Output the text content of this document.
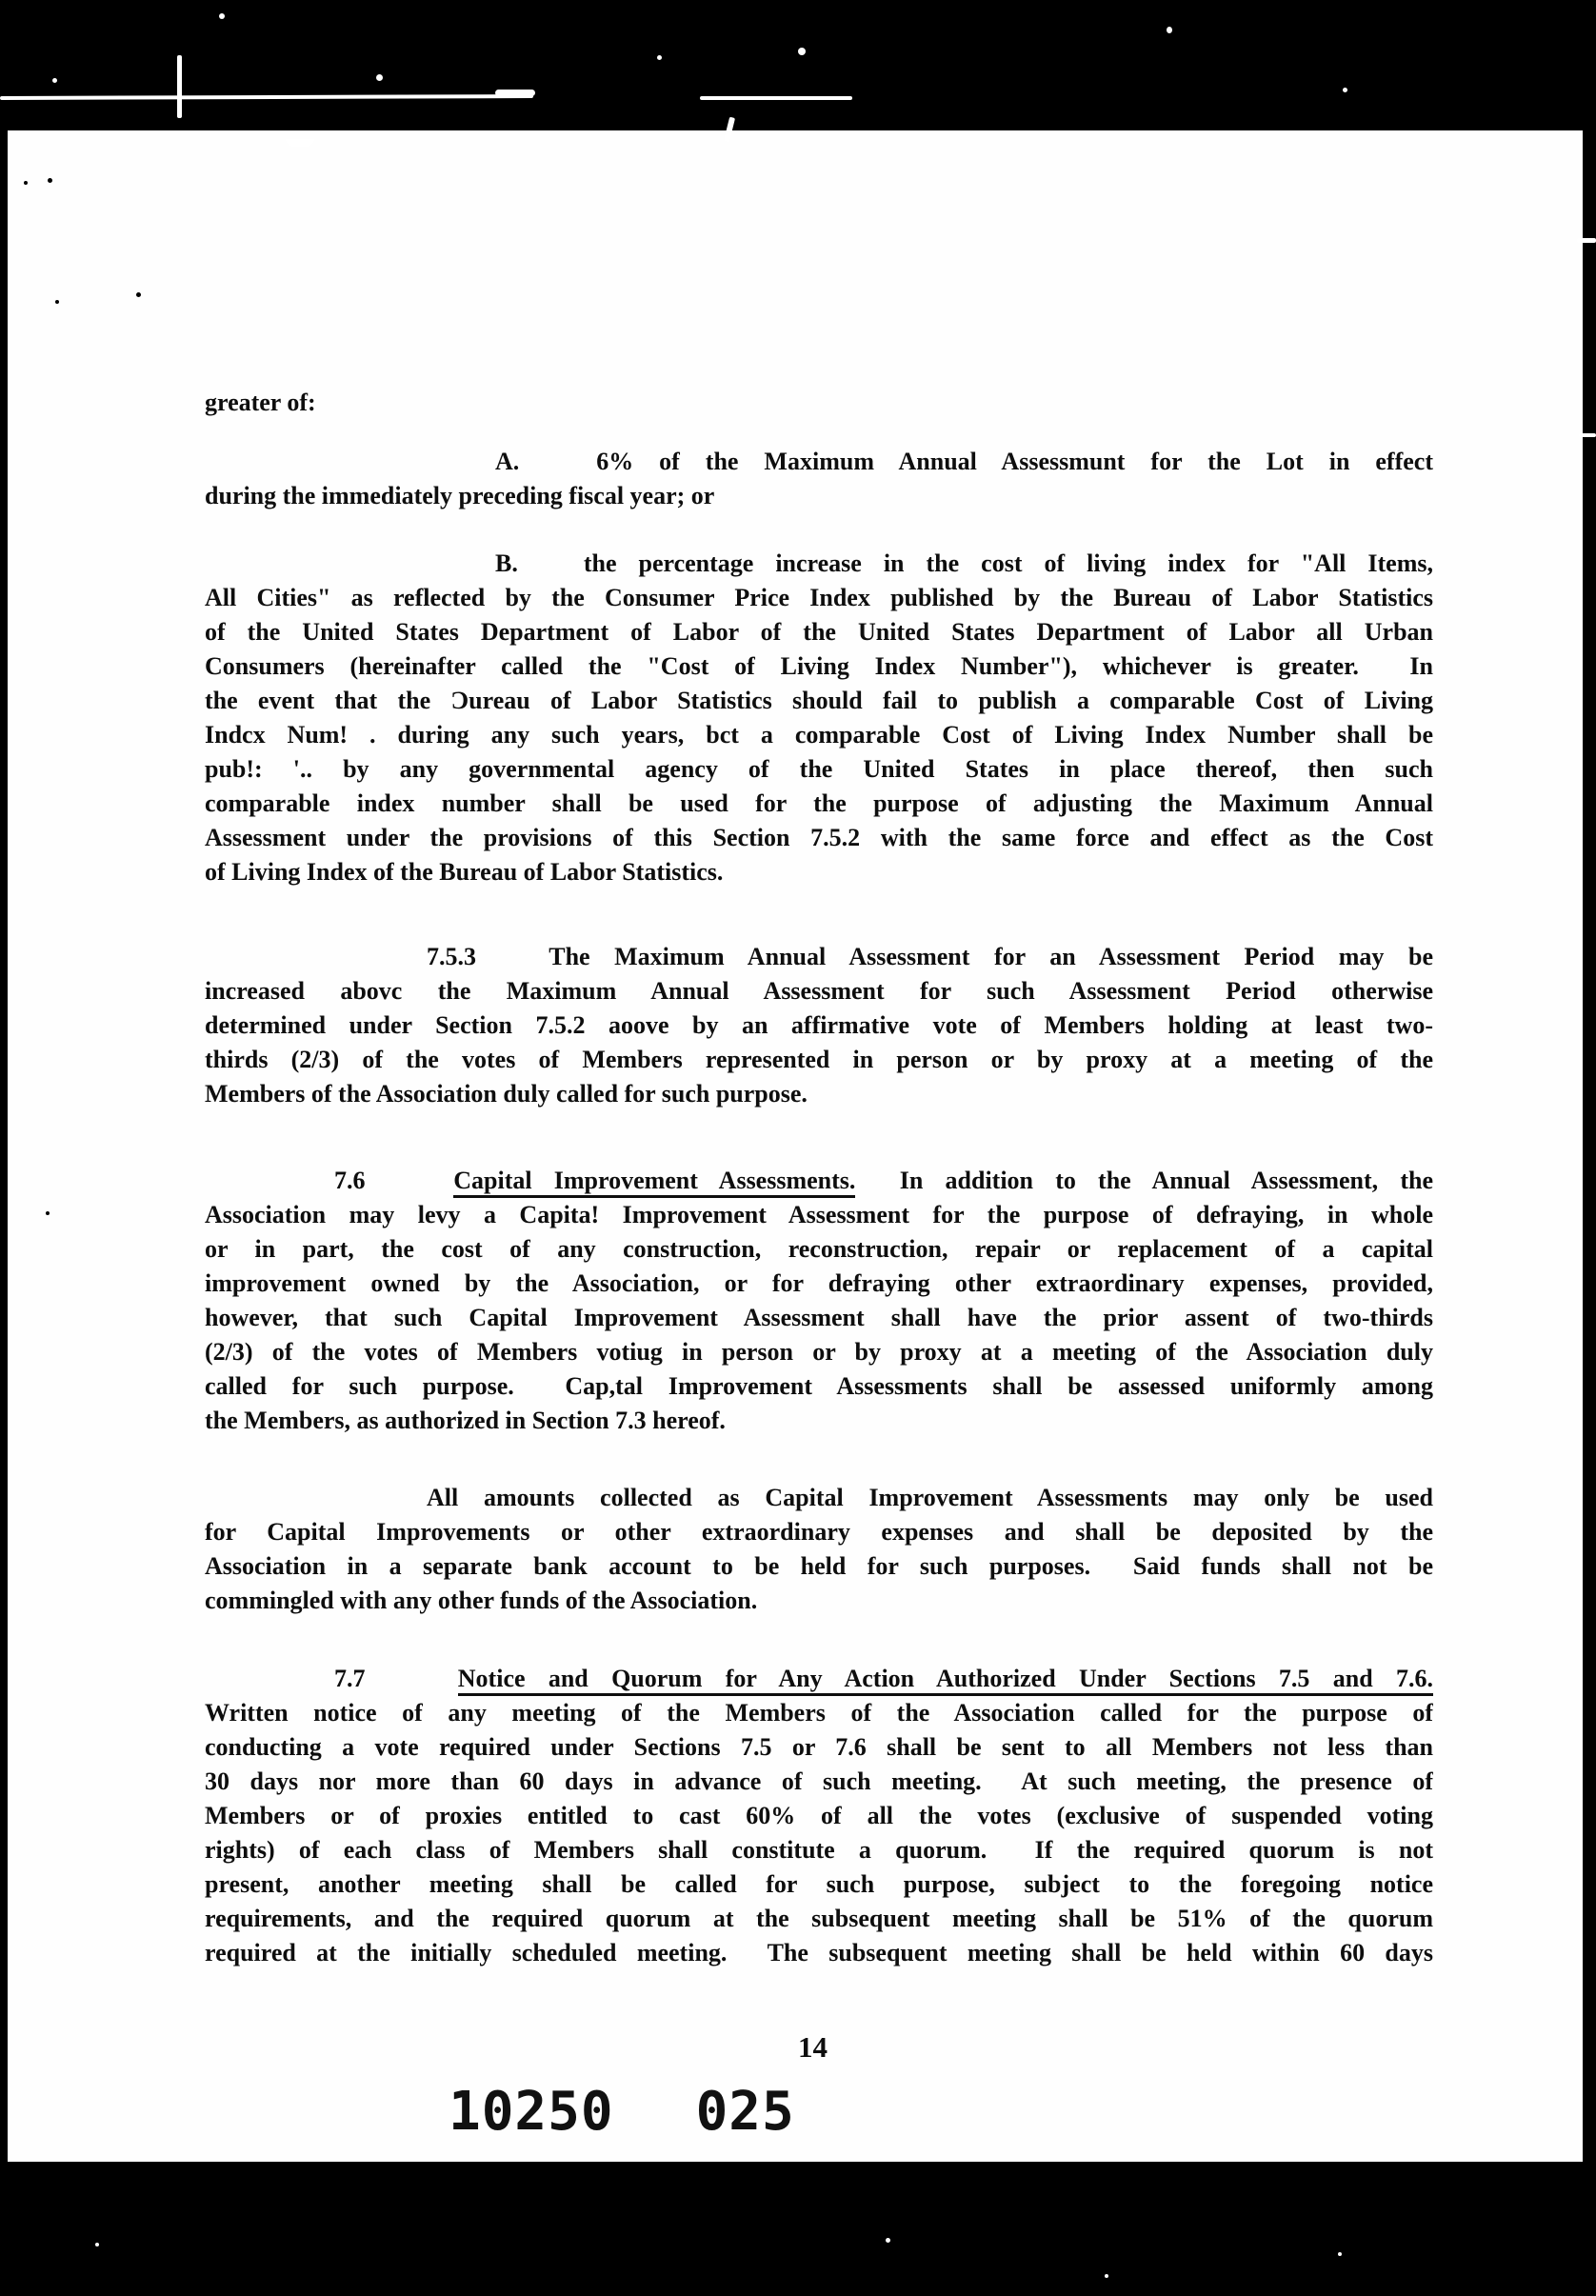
greater of:
A.   6% of the Maximum Annual Assessmunt for the Lot in effect
during the immediately preceding fiscal year; or
B.   the percentage increase in the cost of living index for "All Items,
All Cities" as reflected by the Consumer Price Index published by the Bureau of Labor Statistics
of the United States Department of Labor of the United States Department of Labor all Urban
Consumers (hereinafter called the "Cost of Living Index Number"), whichever is greater.  In
the event that the Ɔureau of Labor Statistics should fail to publish a comparable Cost of Living
Indcx Num! . during any such years, bct a comparable Cost of Living Index Number shall be
pub!: '.. by any governmental agency of the United States in place thereof, then such
comparable index number shall be used for the purpose of adjusting the Maximum Annual
Assessment under the provisions of this Section 7.5.2 with the same force and effect as the Cost
of Living Index of the Bureau of Labor Statistics.
7.5.3   The Maximum Annual Assessment for an Assessment Period may be
increased abovc the Maximum Annual Assessment for such Assessment Period otherwise
determined under Section 7.5.2 aoove by an affirmative vote of Members holding at least two-
thirds (2/3) of the votes of Members represented in person or by proxy at a meeting of the
Members of the Association duly called for such purpose.
7.6    Capital Improvement Assessments.  In addition to the Annual Assessment, the
Association may levy a Capita! Improvement Assessment for the purpose of defraying, in whole
or in part, the cost of any construction, reconstruction, repair or replacement of a capital
improvement owned by the Association, or for defraying other extraordinary expenses, provided,
however, that such Capital Improvement Assessment shall have the prior assent of two-thirds
(2/3) of the votes of Members votiug in person or by proxy at a meeting of the Association duly
called for such purpose.  Cap,tal Improvement Assessments shall be assessed uniformly among
the Members, as authorized in Section 7.3 hereof.
All amounts collected as Capital Improvement Assessments may only be used
for Capital Improvements or other extraordinary expenses and shall be deposited by the
Association in a separate bank account to be held for such purposes.  Said funds shall not be
commingled with any other funds of the Association.
7.7    Notice and Quorum for Any Action Authorized Under Sections 7.5 and 7.6.
Written notice of any meeting of the Members of the Association called for the purpose of
conducting a vote required under Sections 7.5 or 7.6 shall be sent to all Members not less than
30 days nor more than 60 days in advance of such meeting.  At such meeting, the presence of
Members or of proxies entitled to cast 60% of all the votes (exclusive of suspended voting
rights) of each class of Members shall constitute a quorum.  If the required quorum is not
present, another meeting shall be called for such purpose, subject to the foregoing notice
requirements, and the required quorum at the subsequent meeting shall be 51% of the quorum
required at the initially scheduled meeting.  The subsequent meeting shall be held within 60 days
14
10250 025
